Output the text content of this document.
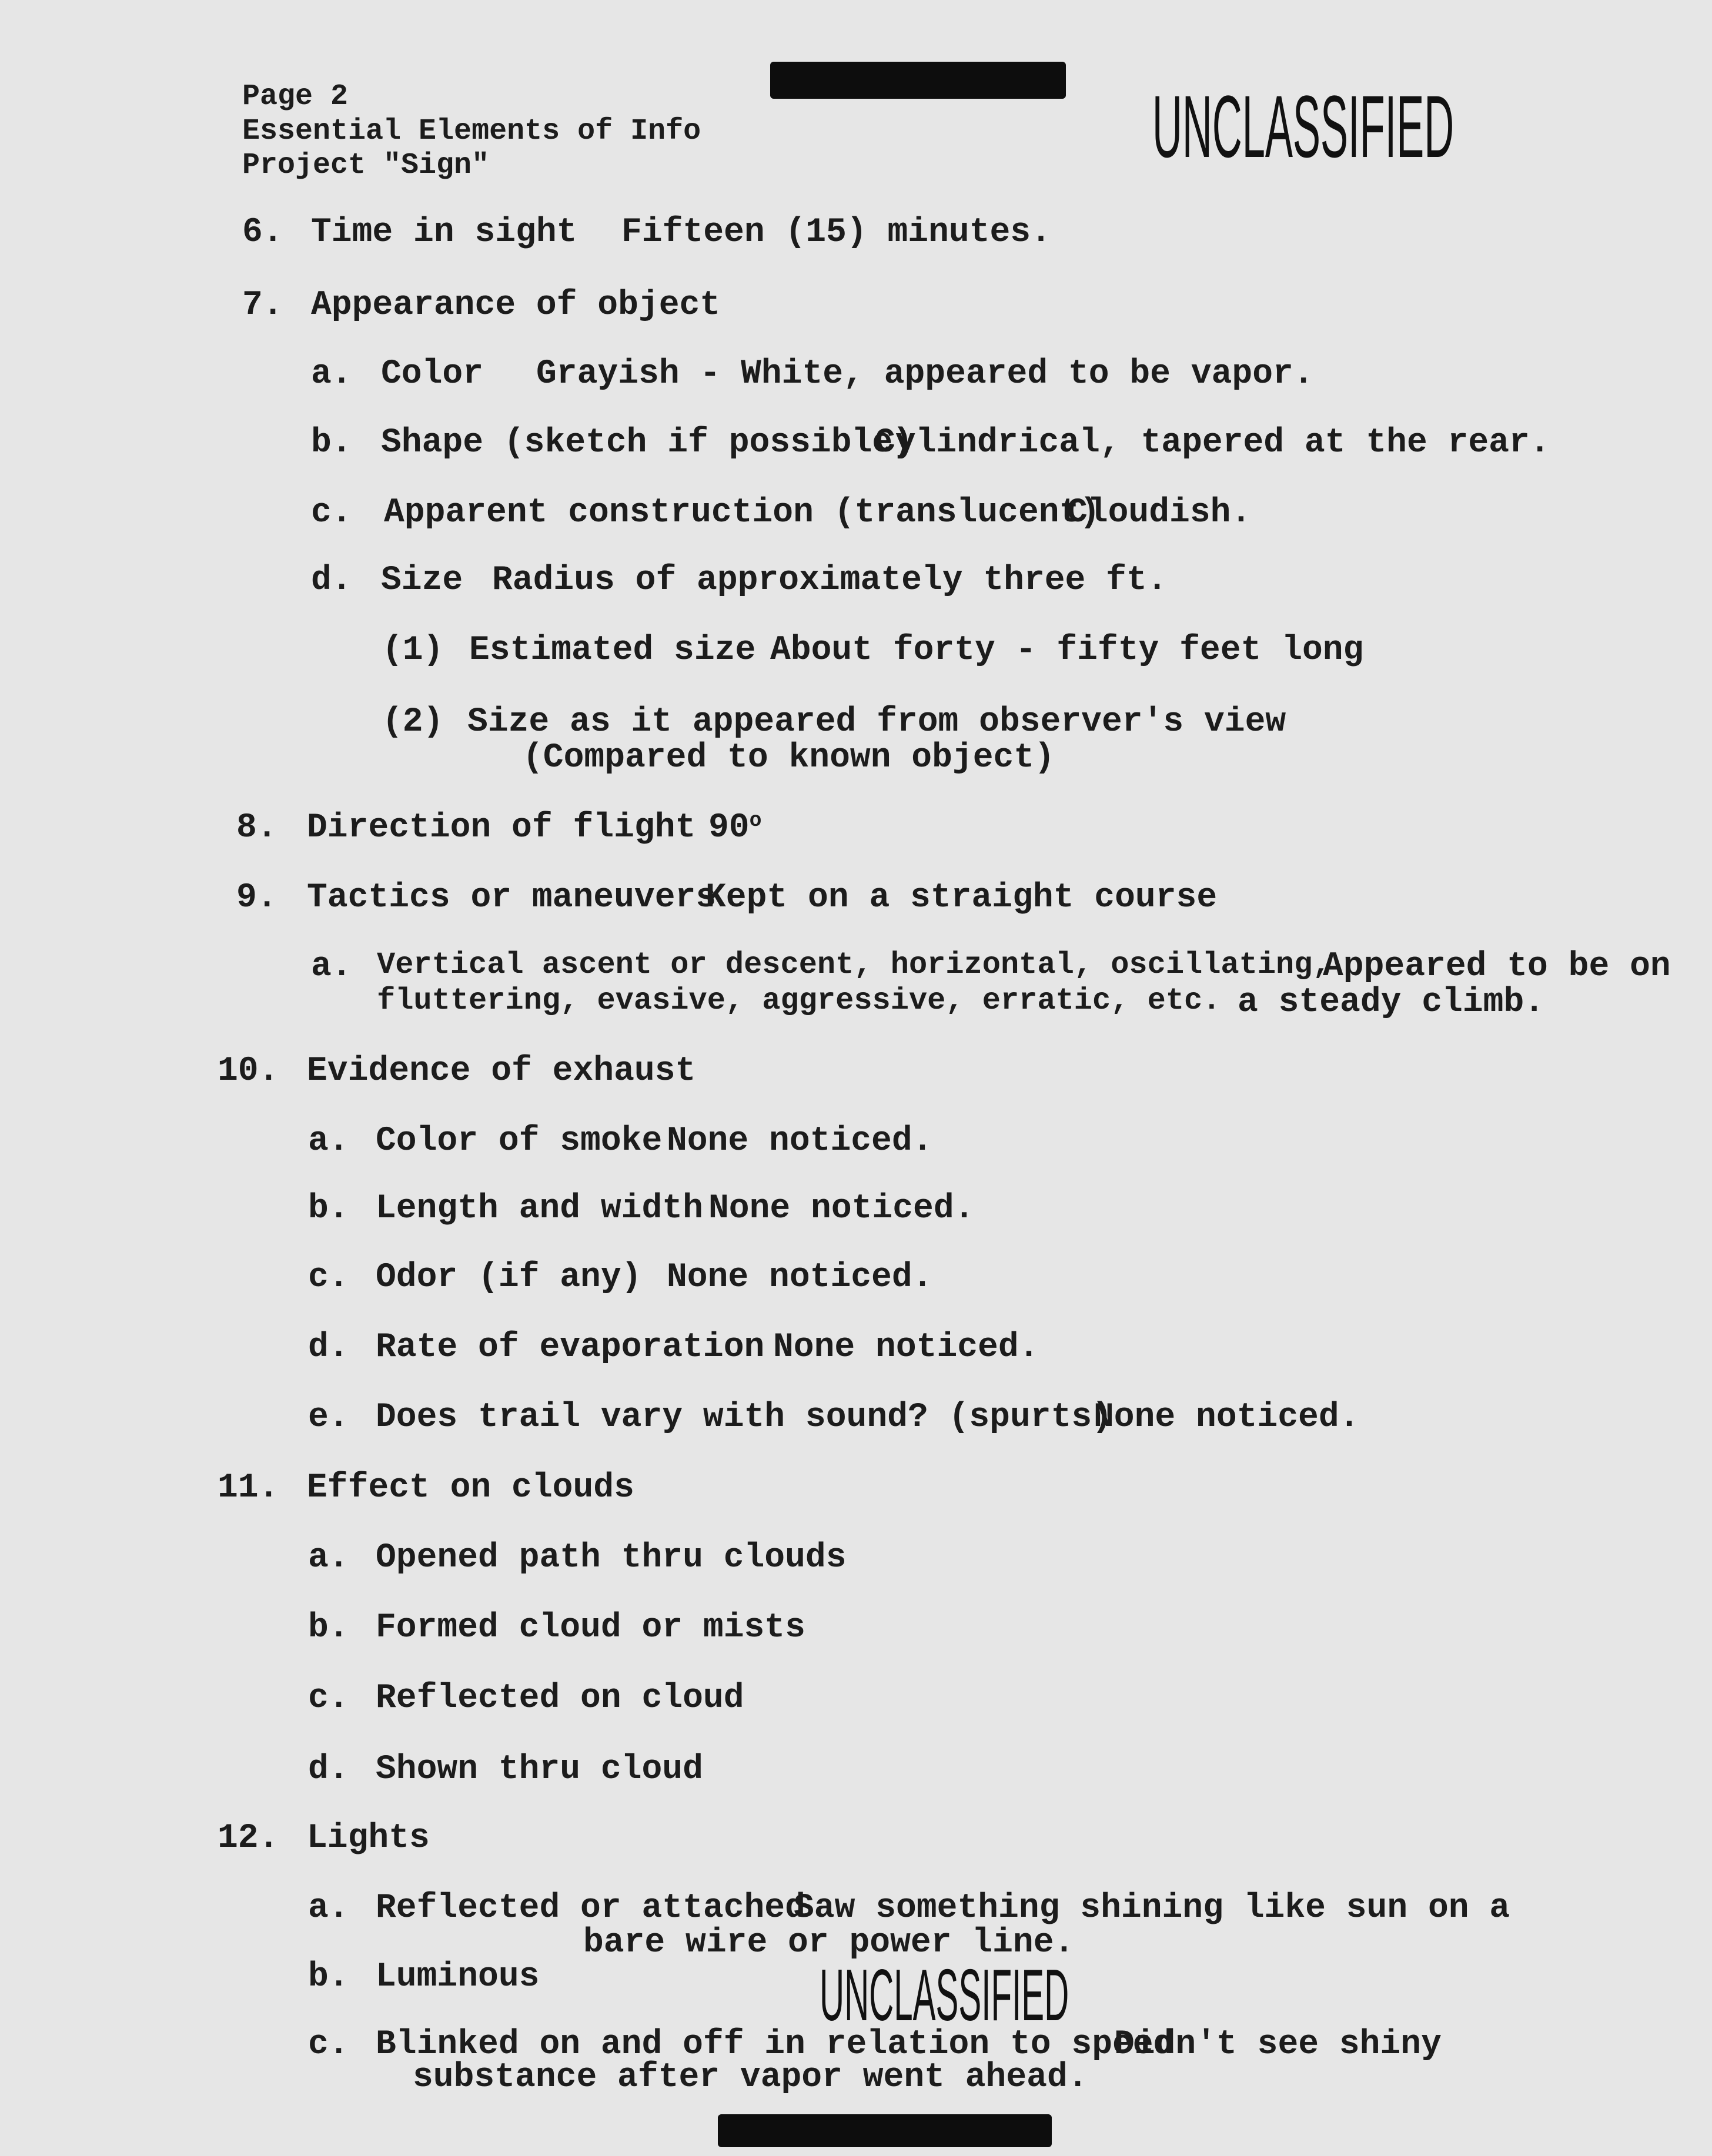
Page 2
Essential Elements of Info
Project "Sign"	UNCLASSIFIED
6. Time in sight Fifteen (15) minutes.
7. Appearance of object
a. Color Grayish - White, appeared to be vapor.
b. Shape (sketch if possible)
Cylindrical, tapered at the rear.
c. Apparent construction (translucent)
Cloudish.
d. Size Radius of approximately three ft.
(1) Estimated size About forty - fifty feet long
(2) Size as it appeared from observer's view
(Compared to known object)
8. Direction of flight 90$^o$
9. Tactics or maneuvers
Kept on a straight course
a. Vertical ascent or descent, horizontal, oscillating,
fluttering, evasive, aggressive, erratic, etc.
Appeared to be on
a steady climb.
10. Evidence of exhaust
a. Color of smoke None noticed.
b. Length and width None noticed.
c. Odor (if any) None noticed.
d. Rate of evaporation None noticed.
e. Does trail vary with sound? (spurts)
None noticed.
11. Effect on clouds
a. Opened path thru clouds
b. Formed cloud or mists
c. Reflected on cloud
d. Shown thru cloud
12. Lights
a. Reflected or attached
Saw something shining like sun on a
bare wire or power line.
b. Luminous	UNCLASSIFIED
c. Blinked on and off in relation to speed
Didn't see shiny
substance after vapor went ahead.
